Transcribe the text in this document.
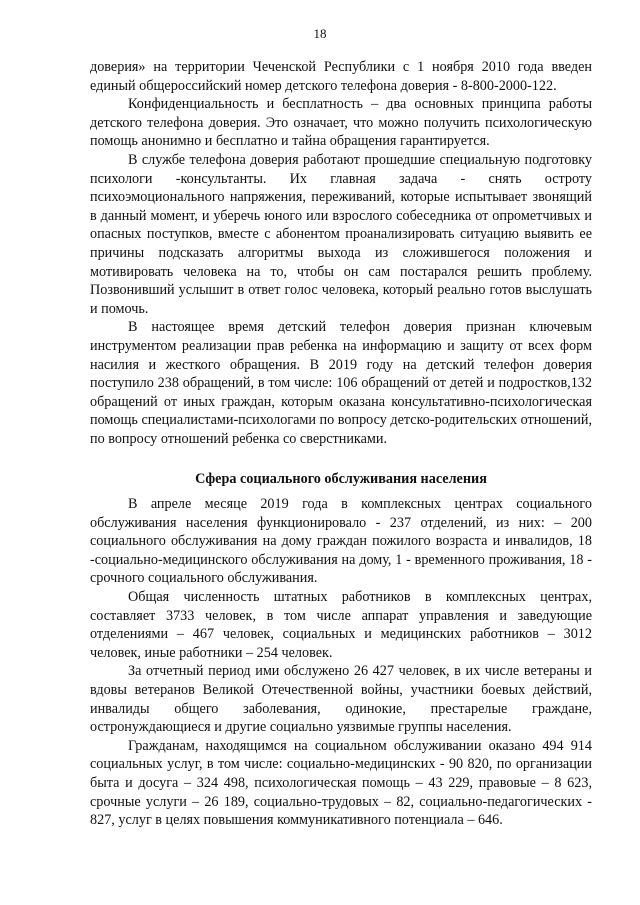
18

доверия» на территории Чеченской Республики с 1 ноября 2010 года введен единый общероссийский номер детского телефона доверия - 8-800-2000-122.

Конфиденциальность и бесплатность – два основных принципа работы детского телефона доверия. Это означает, что можно получить психологическую помощь анонимно и бесплатно и тайна обращения гарантируется.

В службе телефона доверия работают прошедшие специальную подготовку психологи -консультанты. Их главная задача - снять остроту психоэмоционального напряжения, переживаний, которые испытывает звонящий в данный момент, и уберечь юного или взрослого собеседника от опрометчивых и опасных поступков, вместе с абонентом проанализировать ситуацию выявить ее причины подсказать алгоритмы выхода из сложившегося положения и мотивировать человека на то, чтобы он сам постарался решить проблему. Позвонивший услышит в ответ голос человека, который реально готов выслушать и помочь.

В настоящее время детский телефон доверия признан ключевым инструментом реализации прав ребенка на информацию и защиту от всех форм насилия и жесткого обращения. В 2019 году на детский телефон доверия поступило 238 обращений, в том числе: 106 обращений от детей и подростков,132 обращений от иных граждан, которым оказана консультативно-психологическая помощь специалистами-психологами по вопросу детско-родительских отношений, по вопросу отношений ребенка со сверстниками.

Сфера социального обслуживания населения

В апреле месяце 2019 года в комплексных центрах социального обслуживания населения функционировало - 237 отделений, из них: – 200 социального обслуживания на дому граждан пожилого возраста и инвалидов, 18 -социально-медицинского обслуживания на дому, 1 - временного проживания, 18 - срочного социального обслуживания.

Общая численность штатных работников в комплексных центрах, составляет 3733 человек, в том числе аппарат управления и заведующие отделениями – 467 человек, социальных и медицинских работников – 3012 человек, иные работники – 254 человек.

За отчетный период ими обслужено 26 427 человек, в их числе ветераны и вдовы ветеранов Великой Отечественной войны, участники боевых действий, инвалиды общего заболевания, одинокие, престарелые граждане, остронуждающиеся и другие социально уязвимые группы населения.

Гражданам, находящимся на социальном обслуживании оказано 494 914 социальных услуг, в том числе: социально-медицинских - 90 820, по организации быта и досуга – 324 498, психологическая помощь – 43 229, правовые – 8 623, срочные услуги – 26 189, социально-трудовых – 82, социально-педагогических - 827, услуг в целях повышения коммуникативного потенциала – 646.
